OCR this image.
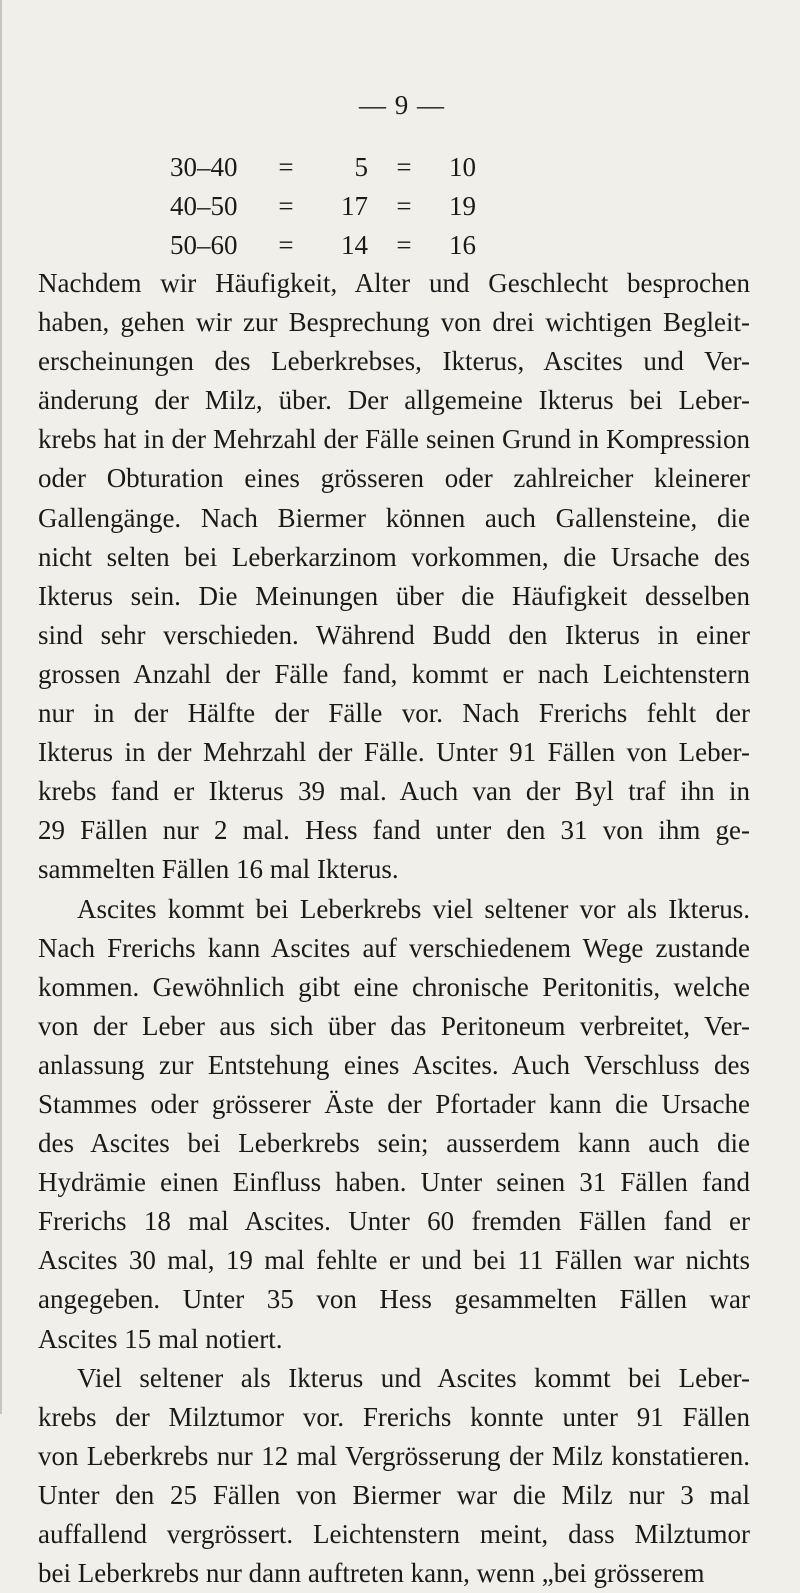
— 9 —
30–40	=	5	=	10
40–50	=	17	=	19
50–60	=	14	=	16
Nachdem wir Häufigkeit, Alter und Geschlecht besprochen
haben, gehen wir zur Besprechung von drei wichtigen Begleit-
erscheinungen des Leberkrebses, Ikterus, Ascites und Ver-
änderung der Milz, über. Der allgemeine Ikterus bei Leber-
krebs hat in der Mehrzahl der Fälle seinen Grund in Kompression
oder Obturation eines grösseren oder zahlreicher kleinerer
Gallengänge. Nach Biermer können auch Gallensteine, die
nicht selten bei Leberkarzinom vorkommen, die Ursache des
Ikterus sein. Die Meinungen über die Häufigkeit desselben
sind sehr verschieden. Während Budd den Ikterus in einer
grossen Anzahl der Fälle fand, kommt er nach Leichtenstern
nur in der Hälfte der Fälle vor. Nach Frerichs fehlt der
Ikterus in der Mehrzahl der Fälle. Unter 91 Fällen von Leber-
krebs fand er Ikterus 39 mal. Auch van der Byl traf ihn in
29 Fällen nur 2 mal. Hess fand unter den 31 von ihm ge-
sammelten Fällen 16 mal Ikterus.
Ascites kommt bei Leberkrebs viel seltener vor als Ikterus.
Nach Frerichs kann Ascites auf verschiedenem Wege zustande
kommen. Gewöhnlich gibt eine chronische Peritonitis, welche
von der Leber aus sich über das Peritoneum verbreitet, Ver-
anlassung zur Entstehung eines Ascites. Auch Verschluss des
Stammes oder grösserer Äste der Pfortader kann die Ursache
des Ascites bei Leberkrebs sein; ausserdem kann auch die
Hydrämie einen Einfluss haben. Unter seinen 31 Fällen fand
Frerichs 18 mal Ascites. Unter 60 fremden Fällen fand er
Ascites 30 mal, 19 mal fehlte er und bei 11 Fällen war nichts
angegeben. Unter 35 von Hess gesammelten Fällen war
Ascites 15 mal notiert.
Viel seltener als Ikterus und Ascites kommt bei Leber-
krebs der Milztumor vor. Frerichs konnte unter 91 Fällen
von Leberkrebs nur 12 mal Vergrösserung der Milz konstatieren.
Unter den 25 Fällen von Biermer war die Milz nur 3 mal
auffallend vergrössert. Leichtenstern meint, dass Milztumor
bei Leberkrebs nur dann auftreten kann, wenn „bei grösserem
